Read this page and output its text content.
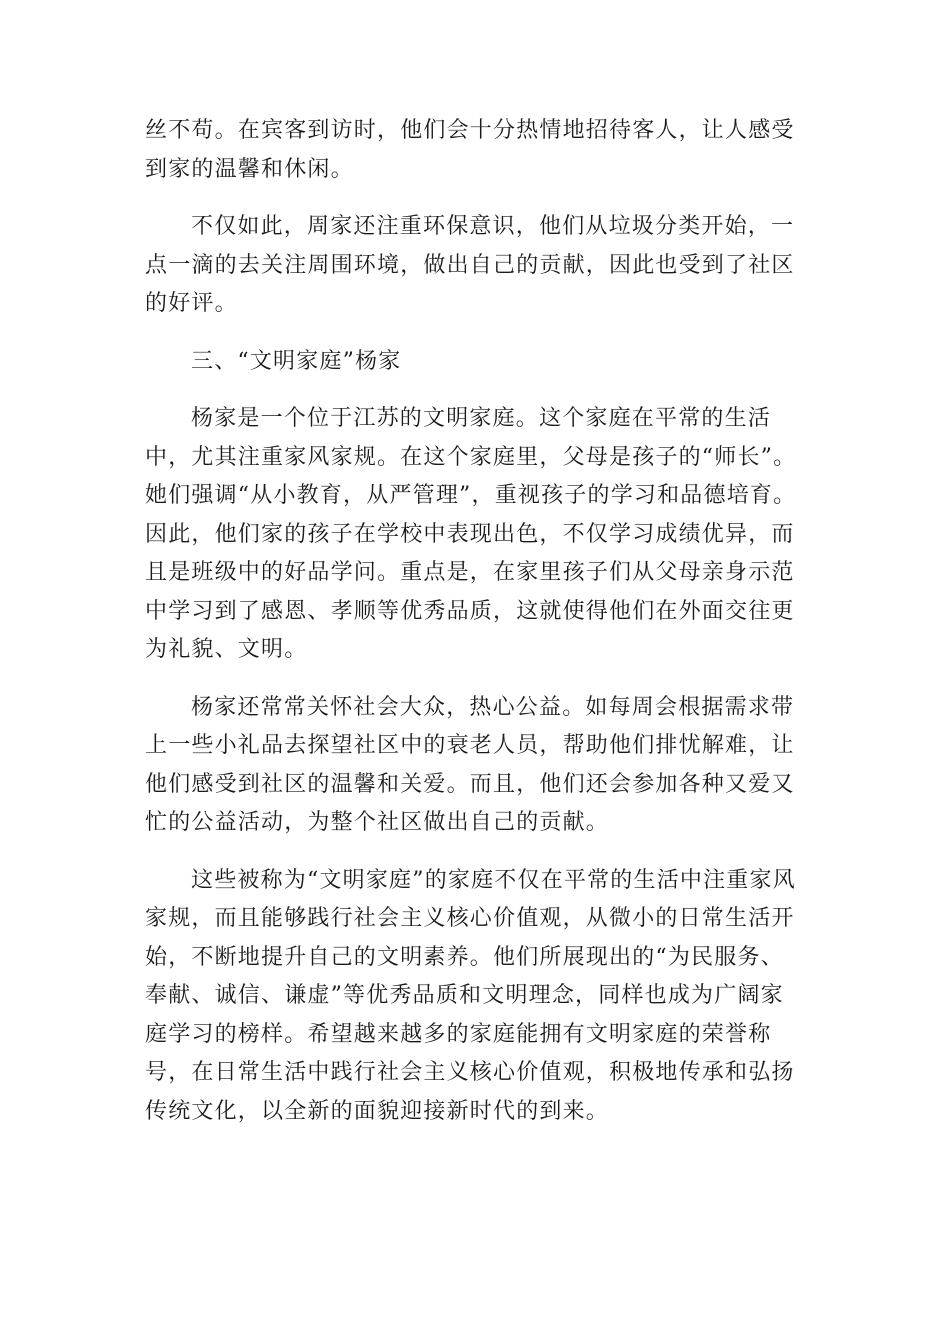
丝不苟。在宾客到访时，他们会十分热情地招待客人，让人感受到家的温馨和休闲。

不仅如此，周家还注重环保意识，他们从垃圾分类开始，一点一滴的去关注周围环境，做出自己的贡献，因此也受到了社区的好评。

三、“文明家庭”杨家

杨家是一个位于江苏的文明家庭。这个家庭在平常的生活中，尤其注重家风家规。在这个家庭里，父母是孩子的“师长”。她们强调“从小教育，从严管理”，重视孩子的学习和品德培育。因此，他们家的孩子在学校中表现出色，不仅学习成绩优异，而且是班级中的好品学问。重点是，在家里孩子们从父母亲身示范中学习到了感恩、孝顺等优秀品质，这就使得他们在外面交往更为礼貌、文明。

杨家还常常关怀社会大众，热心公益。如每周会根据需求带上一些小礼品去探望社区中的衰老人员，帮助他们排忧解难，让他们感受到社区的温馨和关爱。而且，他们还会参加各种又爱又忙的公益活动，为整个社区做出自己的贡献。

这些被称为“文明家庭”的家庭不仅在平常的生活中注重家风家规，而且能够践行社会主义核心价值观，从微小的日常生活开始，不断地提升自己的文明素养。他们所展现出的“为民服务、奉献、诚信、谦虚”等优秀品质和文明理念，同样也成为广阔家庭学习的榜样。希望越来越多的家庭能拥有文明家庭的荣誉称号，在日常生活中践行社会主义核心价值观，积极地传承和弘扬传统文化，以全新的面貌迎接新时代的到来。
